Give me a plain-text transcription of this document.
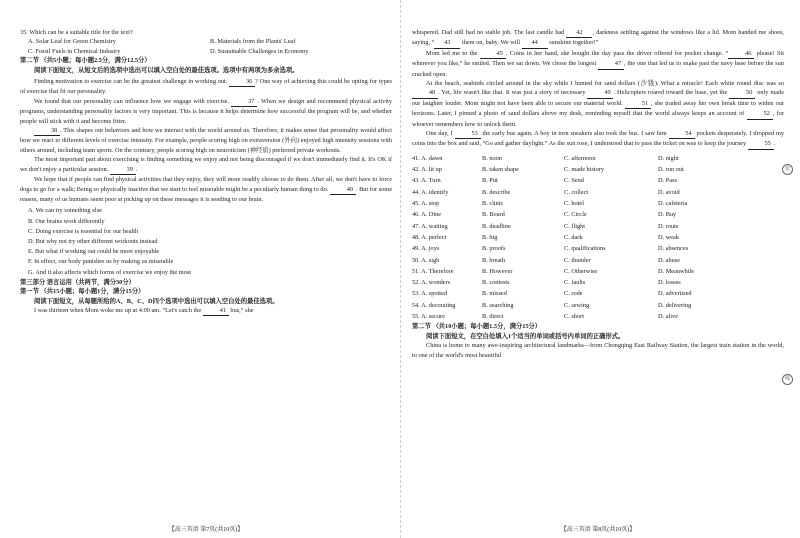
35. Which can be a suitable title for the text?

A. Solar Leaf for Green Chemistry	B. Materials from the Plants' Leaf
C. Fossil Fuels in Chemical Industry	D. Sustainable Challenges in Economy

第二节 （共5小题；每小题2.5分，满分12.5分）

阅读下面短文，从短文后的选项中选出可以填入空白处的最佳选项。选项中有两项为多余选项。

Finding motivation to exercise can be the greatest challenge in working out.	36 ? One way of achieving this could be opting for types of exercise that fit our personality.

We found that our personality can influence how we engage with exercise.	37 . When we design and recommend physical activity programs, understanding personality factors is very important. This is because it helps determine how successful the program will be, and whether people will stick with it and become fitter.

38 . This shapes our behaviors and how we interact with the world around us. Therefore, it makes sense that personality would affect how we react to different levels of exercise intensity. For example, people scoring high on extraversion (外向) enjoyed high intensity sessions with others around, including team sports. On the contrary, people scoring high on neuroticism (神经质) preferred private workouts.

The most important part about exercising is finding something we enjoy and not being discouraged if we don't immediately find it. It's OK if we don't enjoy a particular session.	39 .

We hope that if people can find physical activities that they enjoy, they will more readily choose to do them. After all, we don't have to force dogs to go for a walk; Being so physically inactive that we start to feel miserable might be a peculiarly human thing to do.	40 . But for some reason, many of us humans seem poor at picking up on these messages it is sending to our brain.

A. We can try something else

B. Our brains work differently

C. Doing exercise is essential for our health

D. But why not try other different workouts instead

E. But what if working out could be more enjoyable

F. In effect, our body punishes us by making us miserable

G. And it also affects which forms of exercise we enjoy the most

第三部分 语言运用（共两节，满分30分）

第一节 （共15小题；每小题1分，满分15分）

阅读下面短文，从每题所给的A、B、C、D四个选项中选出可以填入空白处的最佳选项。

I was thirteen when Mom woke me up at 4:00 am. “Let's catch the	41 bus,” she

【高三英语 第7页(共10页)】

whispered. Dad still had no stable job. The last candle had 42 , darkness settling against the windows like a lid. Mom handed me shoes, saying, “ 43 them on, baby. We will 44 sunshine together!”

Mom led me to the	45 . Coins in her hand, she bought the day pass the driver offered for pocket change. “	46 please! Sit wherever you like,” he smiled. Then we sat down. We chose the longest	47 , the one that led us to snake past the navy base before the sun cracked open.

At the beach, seabirds circled around in the sky while I hunted for sand dollars (沙钱). What a miracle! Each white round disc was so 48 . Yet, life wasn't like that. It was just a story of necessary	49 . Helicopters roared toward the base, yet the	50 only made our laughter louder. Mom might not have been able to secure our material world.	51 , she traded away her own break time to widen our horizons. Later, I pinned a photo of sand dollars above my desk, reminding myself that the world always keeps an account of	52 , for whoever remembers how to unlock them.

One day, I	53 the early bus again. A boy in torn sneakers also took the bus. I saw him	54 pockets desperately. I dropped my coins into the box and said, “Go and gather daylight.” As the sun rose, I understood that to pass the ticket on was to keep the journey	55 .

41. A. dawn	B. noon	C. afternoon	D. night
42. A. lit up	B. taken shape	C. made history	D. run out
43. A. Turn	B. Put	C. Send	D. Pass
44. A. identify	B. describe	C. collect	D. avoid
45. A. stop	B. clinic	C. hotel	D. cafeteria
46. A. Dine	B. Board	C. Circle	D. Buy
47. A. waiting	B. deadline	C. flight	D. route
48. A. perfect	B. big	C. dark	D. weak
49. A. joys	B. proofs	C. qualifications	D. absences
50. A. sigh	B. breath	C. thunder	D. abuse
51. A. Therefore	B. However	C. Otherwise	D. Meanwhile
52. A. wonders	B. contests	C. faults	D. losses
53. A. spotted	B. missed	C. rode	D. advertised
54. A. decorating	B. searching	C. sewing	D. delivering
55. A. secure	B. direct	C. short	D. alive

第二节 （共10小题；每小题1.5分，满分15分）

阅读下面短文，在空白处填入1个适当的单词或括号内单词的正确形式。

China is home to many awe-inspiring architectural landmarks—from Chongqing East Railway Station, the largest train station in the world, to one of the world's most beautiful

【高三英语 第8页(共10页)】
密
线
